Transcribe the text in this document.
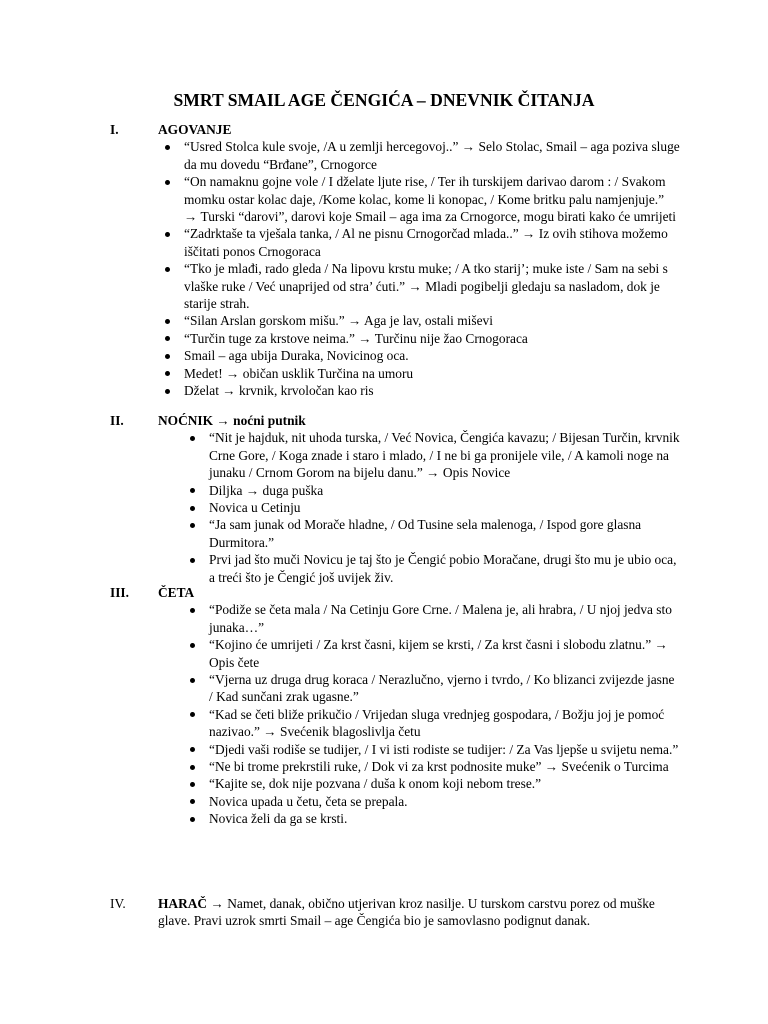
SMRT SMAIL AGE ČENGIĆA – DNEVNIK ČITANJA
I.	AGOVANJE
“Usred Stolca kule svoje, /A u zemlji hercegovoj..” → Selo Stolac, Smail – aga poziva sluge da mu dovedu “Brđane”, Crnogorce
“On namaknu gojne vole / I dželate ljute rise, / Ter ih turskijem darivao darom : / Svakom momku ostar kolac daje, /Kome kolac, kome li konopac, / Kome britku palu namjenjuje.” → Turski “darovi”, darovi koje Smail – aga ima za Crnogorce, mogu birati kako će umrijeti
“Zadrktaše ta vješala tanka, / Al ne pisnu Crnogorčad mlada..” → Iz ovih stihova možemo iščitati ponos Crnogoraca
“Tko je mlađi, rado gleda / Na lipovu krstu muke; / A tko starij’; muke iste / Sam na sebi s vlaške ruke / Već unaprijed od stra’ ćuti.” → Mladi pogibelji gledaju sa nasladom, dok je starije strah.
“Silan Arslan gorskom mišu.” → Aga je lav, ostali miševi
“Turčin tuge za krstove neima.” → Turčinu nije žao Crnogoraca
Smail – aga ubija Duraka, Novicinog oca.
Medet! → običan usklik Turčina na umoru
Dželat → krvnik, krvoločan kao ris
II.	NOĆNIK → noćni putnik
“Nit je hajduk, nit uhoda turska, / Već Novica, Čengića kavazu; / Bijesan Turčin, krvnik Crne Gore, / Koga znade i staro i mlado, / I ne bi ga pronijele vile, / A kamoli noge na junaku / Crnom Gorom na bijelu danu.” → Opis Novice
Diljka → duga puška
Novica u Cetinju
“Ja sam junak od Morače hladne, / Od Tusine sela malenoga, / Ispod gore glasna Durmitora.”
Prvi jad što muči Novicu je taj što je Čengić pobio Moračane, drugi što mu je ubio oca, a treći što je Čengić još uvijek živ.
III. ČETA
“Podiže se četa mala / Na Cetinju Gore Crne. / Malena je, ali hrabra, / U njoj jedva sto junaka…”
“Kojino će umrijeti / Za krst časni, kijem se krsti, / Za krst časni i slobodu zlatnu.” → Opis čete
“Vjerna uz druga drug koraca / Nerazlučno, vjerno i tvrdo, / Ko blizanci zvijezde jasne / Kad sunčani zrak ugasne.”
“Kad se četi bliže prikučio / Vrijedan sluga vrednjeg gospodara, / Božju joj je pomoć nazivao.” → Svećenik blagoslivlja četu
“Djedi vaši rodiše se tudijer, / I vi isti rodiste se tudijer: / Za Vas ljepše u svijetu nema.”
“Ne bi trome prekrstili ruke, / Dok vi za krst podnosite muke” → Svećenik o Turcima
“Kajite se, dok nije pozvana / duša k onom koji nebom trese.”
Novica upada u četu, četa se prepala.
Novica želi da ga se krsti.
IV. HARAČ → Namet, danak, obično utjerivan kroz nasilje. U turskom carstvu porez od muške glave. Pravi uzrok smrti Smail – age Čengića bio je samovlasno podignut danak.
